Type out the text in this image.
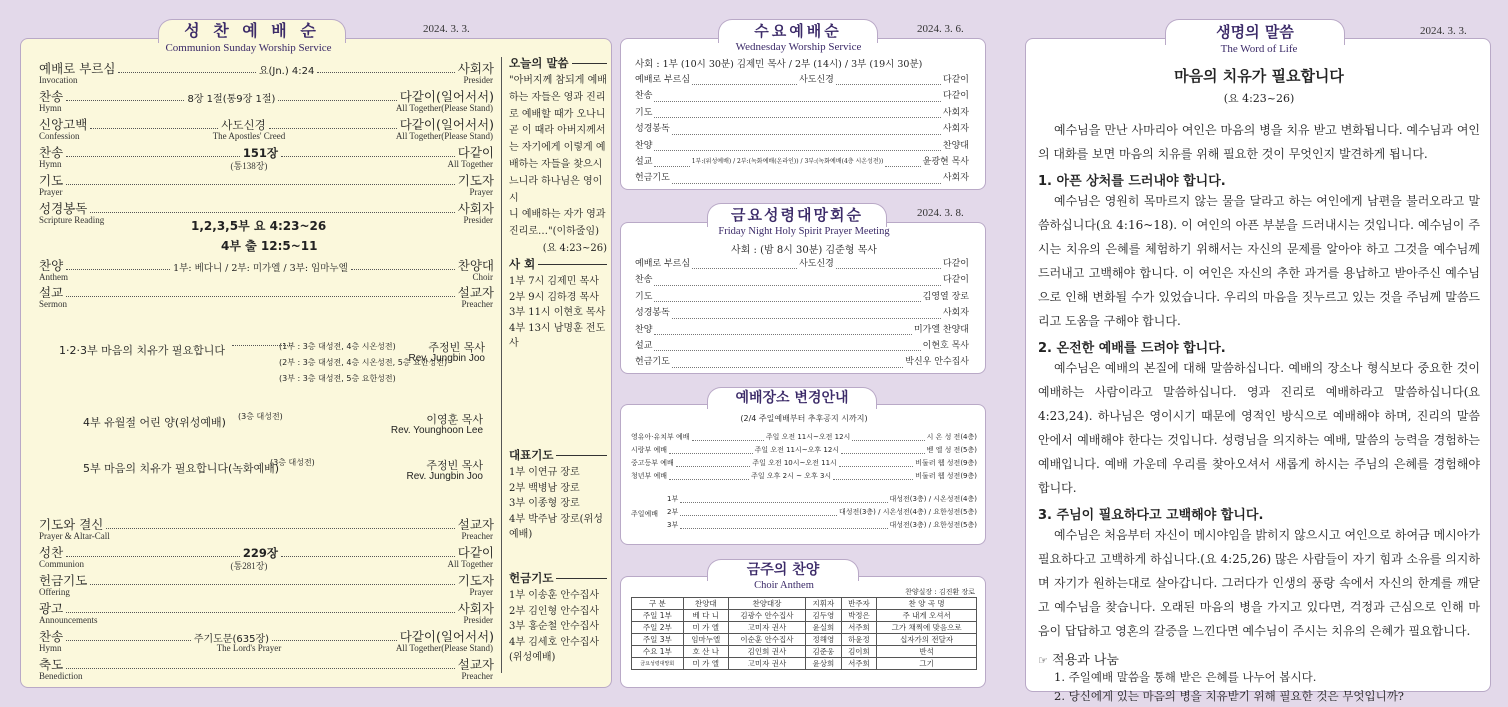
성 찬 예 배 순
Communion Sunday Worship Service
2024. 3. 3.
예배로 부르심	요(Jn.) 4:24	사회자
Invocation	Presider
찬송	8장 1절(통9장 1절)	다같이(일어서서)
Hymn	All Together(Please Stand)
신앙고백	사도신경	다같이(일어서서)
Confession	All Together(Please Stand)
The Apostles' Creed
찬송	151장	다같이
Hymn	All Together
(통138장)
기도	기도자
Prayer	Prayer
성경봉독	사회자
Scripture Reading	Presider
1,2,3,5부 요 4:23~26
4부 출 12:5~11
찬양	1부: 베다니 / 2부: 미가엘 / 3부: 임마누엘	찬양대
Anthem	Choir
설교	설교자
Sermon	Preacher
1·2·3부 마음의 치유가 필요합니다	(1부 : 3층 대성전, 4층 시온성전)
(2부 : 3층 대성전, 4층 시온성전, 5층 요한성전)
(3부 : 3층 대성전, 5층 요한성전)
주정빈 목사
Rev. Jungbin Joo
4부 유월절 어린 양(위성예배) (3층 대성전)	이영훈 목사
Rev. Younghoon Lee
5부 마음의 치유가 필요합니다(녹화예배)
(3층 대성전)	주정빈 목사
Rev. Jungbin Joo
기도와 결신	설교자
Prayer & Altar-Call	Preacher
성찬	229장	다같이
Communion	All Together
(통281장)
헌금기도	기도자
Offering	Prayer
광고	사회자
Announcements	Presider
찬송	주기도문(635장)	다같이(일어서서)
Hymn	All Together(Please Stand)
The Lord's Prayer
축도	설교자
Benediction	Preacher
오늘의 말씀
"아버지께 참되게 예배
하는 자들은 영과 진리
로 예배할 때가 오나니
곧 이 때라 아버지께서
는 자기에게 이렇게 예
배하는 자들을 찾으시
느니라 하나님은 영이시
니 예배하는 자가 영과
진리로…"(이하줄임)
(요 4:23~26)
사 회
1부 7시 김제민 목사
2부 9시 김하경 목사
3부 11시 이현호 목사
4부 13시 남명훈 전도사
대표기도
1부 이연규 장로
2부 백병남 장로
3부 이종형 장로
4부 박주남 장로(위성예배)
헌금기도
1부 이송훈 안수집사
2부 김인형 안수집사
3부 홍순철 안수집사
4부 김세호 안수집사(위성예배)
수요예배순
Wednesday Worship Service
2024. 3. 6.
사회 : 1부 (10시 30분) 김제민 목사 / 2부 (14시) / 3부 (19시 30분)
예배로 부르심	사도신경	다같이
찬송	다같이
기도	사회자
성경봉독	사회자
찬양	찬양대
설교	1부:(위성예배) / 2부:(녹화예배(온라인)) / 3부:(녹화예배(4층 시온성전))	윤광현 목사
헌금기도	사회자
금요성령대망회순
Friday Night Holy Spirit Prayer Meeting
2024. 3. 8.
사회 : (밤 8시 30분) 김준형 목사
예배로 부르심	사도신경	다같이
찬송	다같이
기도	김영열 장로
성경봉독	사회자
찬양	미가엘 찬양대
설교	이현호 목사
헌금기도	박신우 안수집사
예배장소 변경안내
(2/4 주일예배부터 추후공지 시까지)
영유아·유치부 예배	주일 오전 11시~오전 12시	시 온 성 전(4층)
시랑부 예배	주일 오전 11시~오후 12시	벧 엘 성 전(5층)
중고등부 예배	주일 오전 10시~오전 11시	비둘러 웹 성전(9층)
청년부 예배	주일 오후 2시 ~ 오후 3시	비둘러 웹 성전(9층)
주일예배
1부	대성전(3층) / 시온성전(4층)
2부	대성전(3층) / 시온성전(4층) / 요한성전(5층)
3부	대성전(3층) / 요한성전(5층)
금주의 찬양
Choir Anthem
찬양실장 : 김진환 장로
구 분	찬양대	찬양대장	지휘자	반주자	찬 양 곡 명
주일 1부	베 다 니	김광수 안수집사	김두영	박정은	주 내게 오셔서
주일 2부	미 가 엘	고미자 권사	윤실희	서주희	그가 채찍에 맞음으로
주일 3부	임마누엘	이순훈 안수집사	정해영	하윤정	십자가의 전달자
수요 1부	호 산 나	김인희 권사	김준웅	김이희	반석
금요성령대망회	미 가 엘	고미자 권사	윤상희	서주희	그기
생명의 말씀
The Word of Life
2024. 3. 3.
마음의 치유가 필요합니다
(요 4:23~26)

예수님을 만난 사마리아 여인은 마음의 병을 치유 받고 변화됩니다. 예수님과 여인의 대화를 보면 마음의 치유를 위해 필요한 것이 무엇인지 발견하게 됩니다.

1. 아픈 상처를 드러내야 합니다.

예수님은 영원히 목마르지 않는 물을 달라고 하는 여인에게 남편을 불러오라고 말씀하십니다(요 4:16~18). 이 여인의 아픈 부분을 드러내시는 것입니다. 예수님이 주시는 치유의 은혜를 체험하기 위해서는 자신의 문제를 알아야 하고 그것을 예수님께 드러내고 고백해야 합니다. 이 여인은 자신의 추한 과거를 용납하고 받아주신 예수님으로 인해 변화될 수가 있었습니다. 우리의 마음을 짓누르고 있는 것을 주님께 말씀드리고 도움을 구해야 합니다.

2. 온전한 예배를 드려야 합니다.

예수님은 예배의 본질에 대해 말씀하십니다. 예배의 장소나 형식보다 중요한 것이 예배하는 사람이라고 말씀하십니다. 영과 진리로 예배하라고 말씀하십니다(요 4:23,24). 하나님은 영이시기 때문에 영적인 방식으로 예배해야 하며, 진리의 말씀 안에서 예배해야 한다는 것입니다. 성령님을 의지하는 예배, 말씀의 능력을 경험하는 예배입니다. 예배 가운데 우리를 찾아오셔서 새롭게 하시는 주님의 은혜를 경험해야 합니다.

3. 주님이 필요하다고 고백해야 합니다.

예수님은 처음부터 자신이 메시야임을 밝히지 않으시고 여인으로 하여금 메시아가 필요하다고 고백하게 하십니다.(요 4:25,26) 많은 사람들이 자기 힘과 소유를 의지하며 자기가 원하는대로 살아갑니다. 그러다가 인생의 풍랑 속에서 자신의 한계를 깨닫고 예수님을 찾습니다. 오래된 마음의 병을 가지고 있다면, 걱정과 근심으로 인해 마음이 답답하고 영혼의 갈증을 느낀다면 예수님이 주시는 치유의 은혜가 필요합니다.

☞ 적용과 나눔
1. 주일예배 말씀을 통해 받은 은혜를 나누어 봅시다.
2. 당신에게 있는 마음의 병을 치유받기 위해 필요한 것은 무엇입니까?
